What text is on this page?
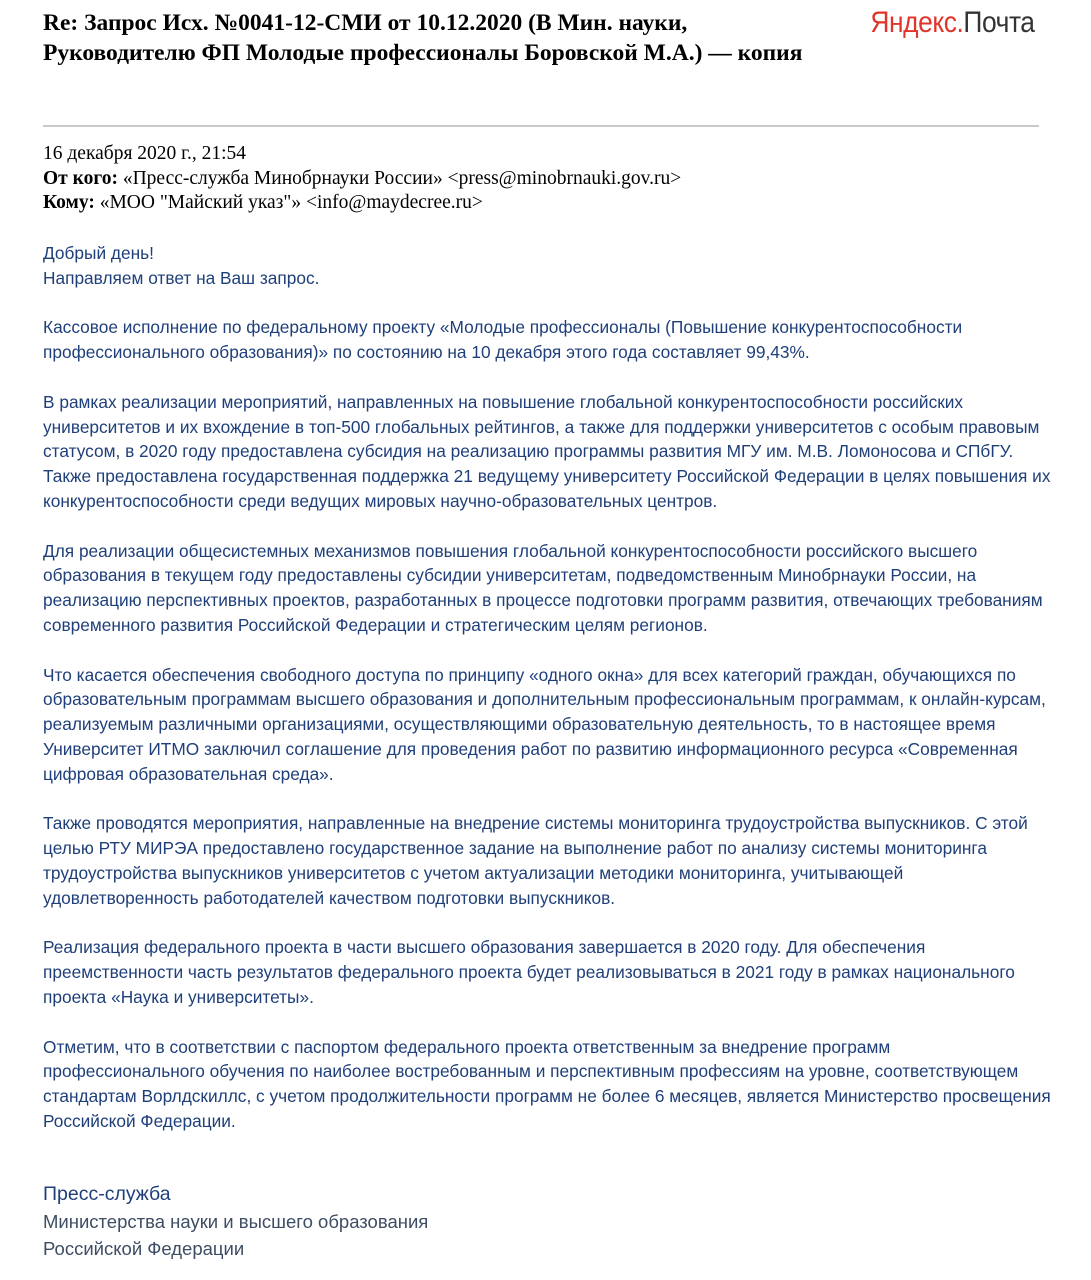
Re: Запрос Исх. №0041-12-СМИ от 10.12.2020 (В Мин. науки, Руководителю ФП Молодые профессионалы Боровской М.А.) — копия
Яндекс.Почта
16 декабря 2020 г., 21:54
От кого: «Пресс-служба Минобрнауки России» <press@minobrnauki.gov.ru>
Кому: «МОО "Майский указ"» <info@maydecree.ru>

Добрый день!

Направляем ответ на Ваш запрос.

Кассовое исполнение по федеральному проекту «Молодые профессионалы (Повышение конкурентоспособности профессионального образования)» по состоянию на 10 декабря этого года составляет 99,43%.

В рамках реализации мероприятий, направленных на повышение глобальной конкурентоспособности российских университетов и их вхождение в топ-500 глобальных рейтингов, а также для поддержки университетов с особым правовым статусом, в 2020 году предоставлена субсидия на реализацию программы развития МГУ им. М.В. Ломоносова и СПбГУ. Также предоставлена государственная поддержка 21 ведущему университету Российской Федерации в целях повышения их конкурентоспособности среди ведущих мировых научно-образовательных центров.

Для реализации общесистемных механизмов повышения глобальной конкурентоспособности российского высшего образования в текущем году предоставлены субсидии университетам, подведомственным Минобрнауки России, на реализацию перспективных проектов, разработанных в процессе подготовки программ развития, отвечающих требованиям современного развития Российской Федерации и стратегическим целям регионов.

Что касается обеспечения свободного доступа по принципу «одного окна» для всех категорий граждан, обучающихся по образовательным программам высшего образования и дополнительным профессиональным программам, к онлайн-курсам, реализуемым различными организациями, осуществляющими образовательную деятельность, то в настоящее время Университет ИТМО заключил соглашение для проведения работ по развитию информационного ресурса «Современная цифровая образовательная среда».

Также проводятся мероприятия, направленные на внедрение системы мониторинга трудоустройства выпускников. С этой целью РТУ МИРЭА предоставлено государственное задание на выполнение работ по анализу системы мониторинга трудоустройства выпускников университетов с учетом актуализации методики мониторинга, учитывающей удовлетворенность работодателей качеством подготовки выпускников.

Реализация федерального проекта в части высшего образования завершается в 2020 году. Для обеспечения преемственности часть результатов федерального проекта будет реализовываться в 2021 году в рамках национального проекта «Наука и университеты».

Отметим, что в соответствии с паспортом федерального проекта ответственным за внедрение программ профессионального обучения по наиболее востребованным и перспективным профессиям на уровне, соответствующем стандартам Ворлдскиллс, с учетом продолжительности программ не более 6 месяцев, является Министерство просвещения Российской Федерации.

Пресс-служба
Министерства науки и высшего образования
Российской Федерации
